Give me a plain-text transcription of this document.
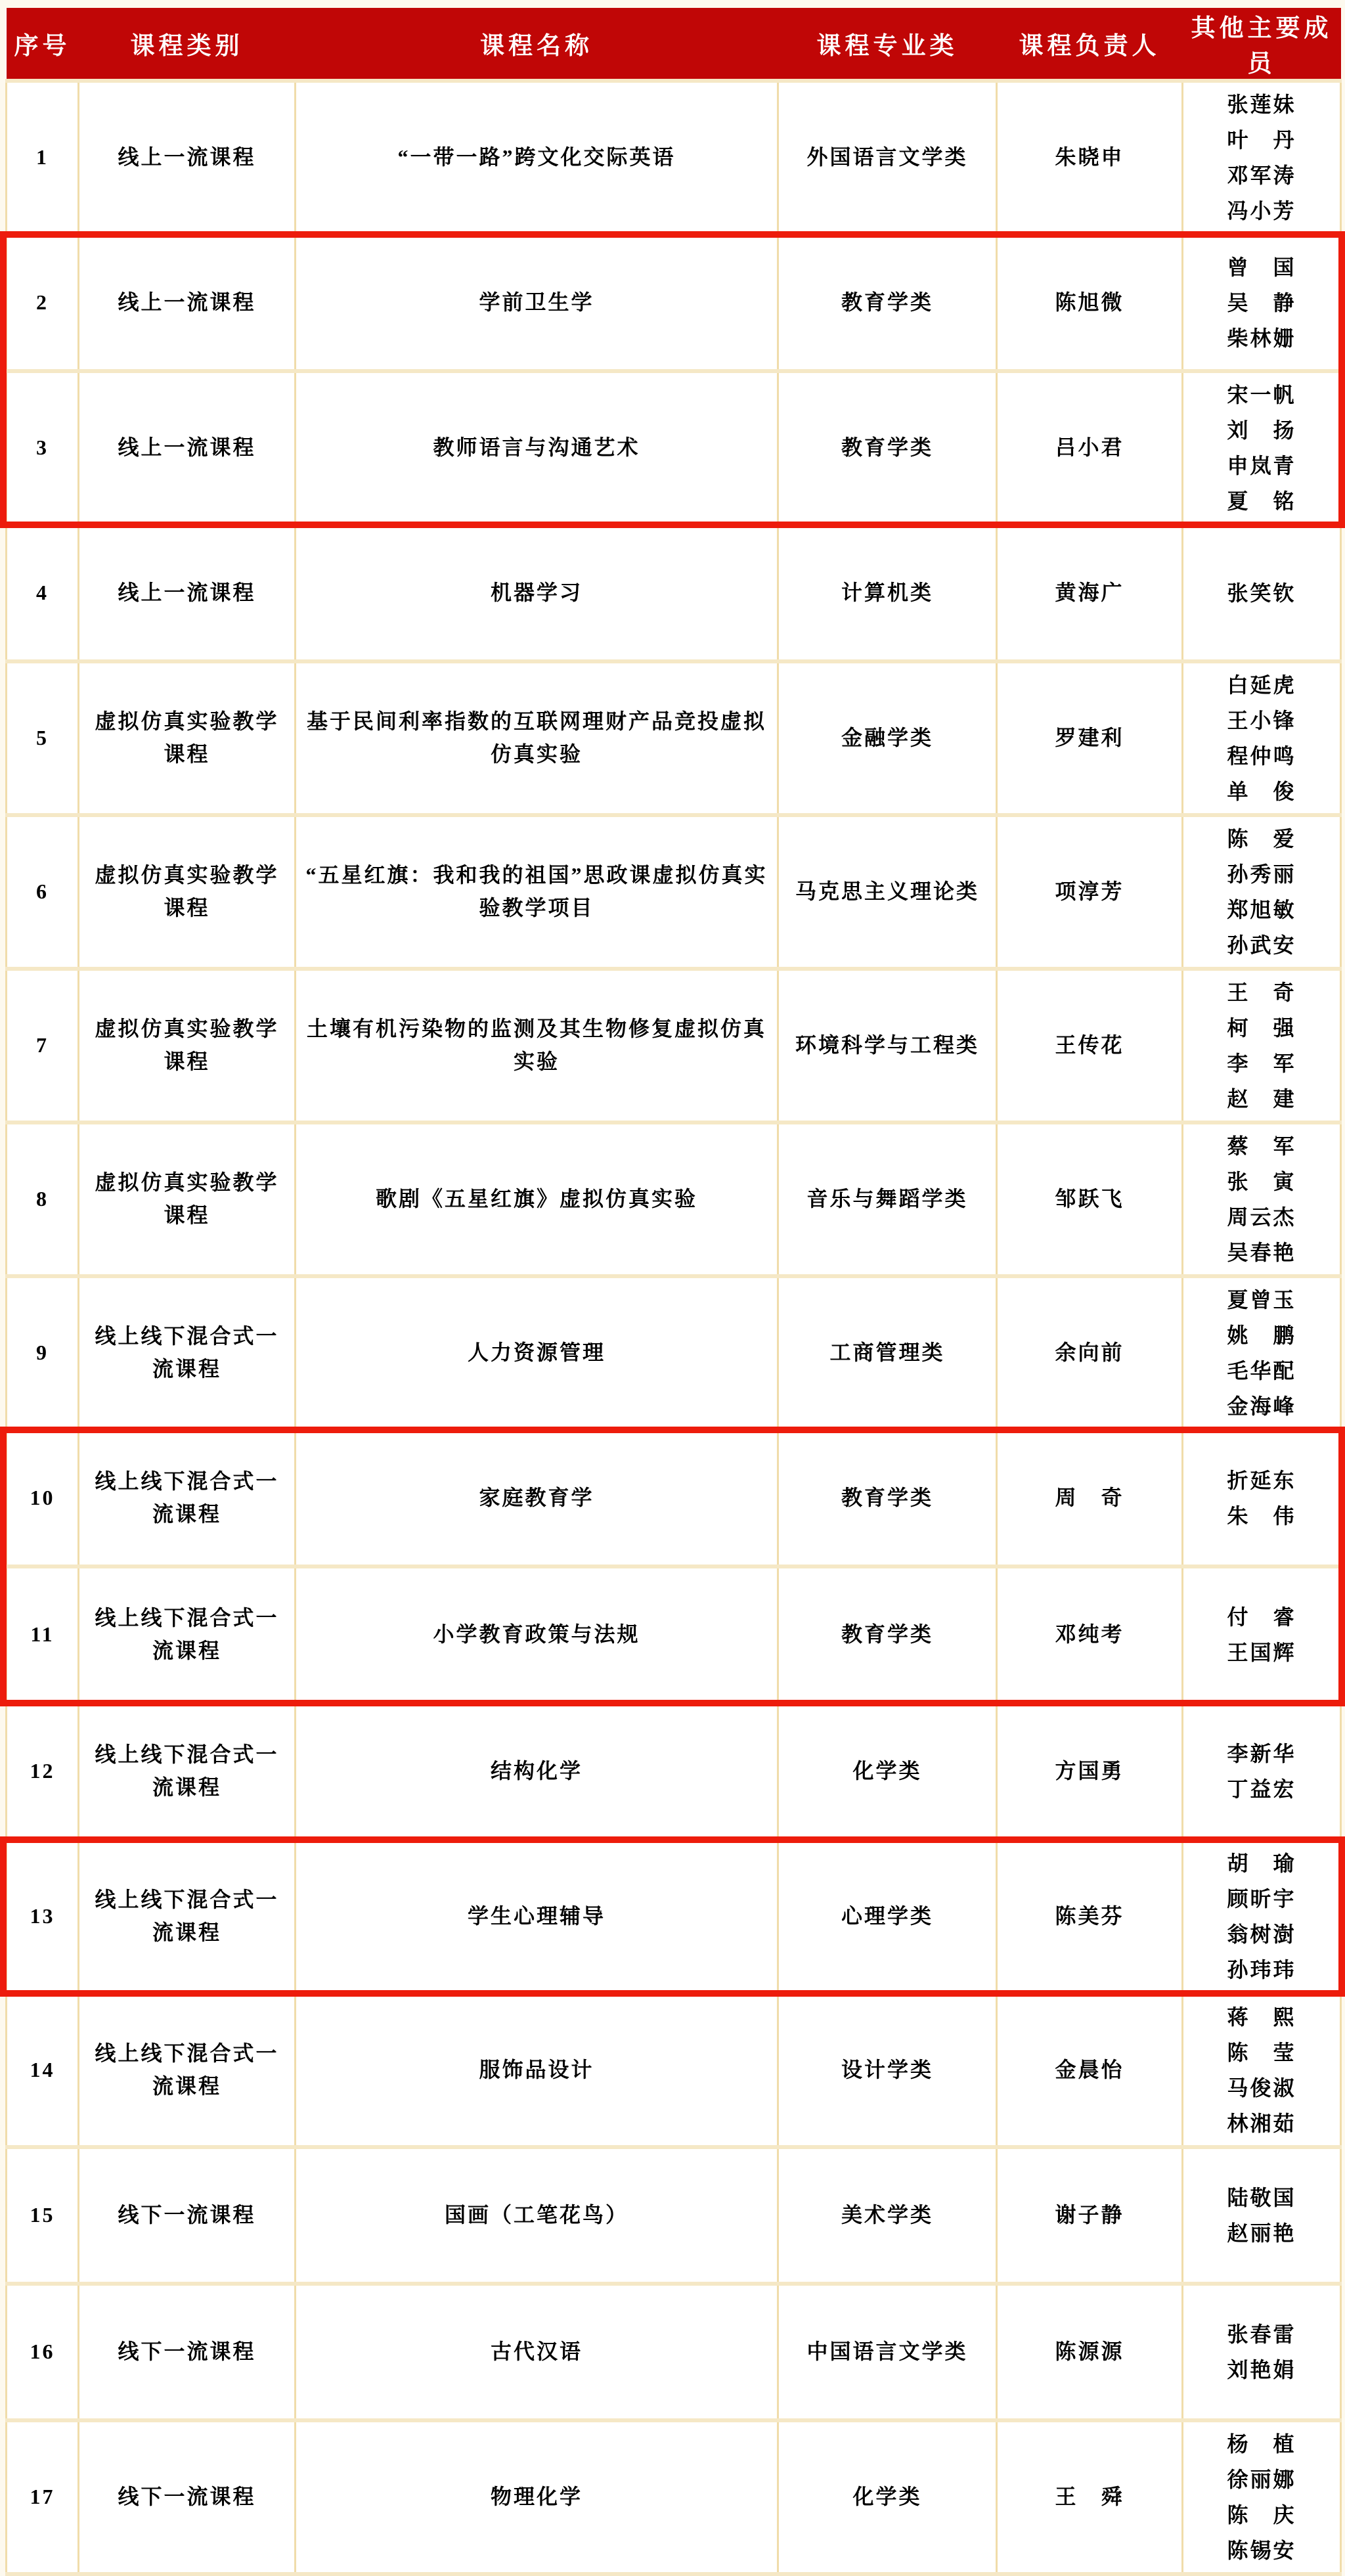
序号	课程类别	课程名称	课程专业类	课程负责人	其他主要成员
1	线上一流课程	“一带一路”跨文化交际英语	外国语言文学类	朱晓申	张莲妹
叶　丹
邓军涛
冯小芳

2	线上一流课程	学前卫生学	教育学类	陈旭微	曾　国
吴　静
柴林姗

3	线上一流课程	教师语言与沟通艺术	教育学类	吕小君	宋一帆
刘　扬
申岚青
夏　铭

4	线上一流课程	机器学习	计算机类	黄海广	张笑钦

5	虚拟仿真实验教学课程	基于民间利率指数的互联网理财产品竞投虚拟仿真实验	金融学类	罗建利	白延虎
王小锋
程仲鸣
单　俊

6	虚拟仿真实验教学课程	“五星红旗：我和我的祖国”思政课虚拟仿真实验教学项目	马克思主义理论类	项淳芳	陈　爱
孙秀丽
郑旭敏
孙武安

7	虚拟仿真实验教学课程	土壤有机污染物的监测及其生物修复虚拟仿真实验	环境科学与工程类	王传花	王　奇
柯　强
李　军
赵　建

8	虚拟仿真实验教学课程	歌剧《五星红旗》虚拟仿真实验	音乐与舞蹈学类	邹跃飞	蔡　军
张　寅
周云杰
吴春艳

9	线上线下混合式一流课程	人力资源管理	工商管理类	余向前	夏曾玉
姚　鹏
毛华配
金海峰

10	线上线下混合式一流课程	家庭教育学	教育学类	周　奇	折延东
朱　伟

11	线上线下混合式一流课程	小学教育政策与法规	教育学类	邓纯考	付　睿
王国辉

12	线上线下混合式一流课程	结构化学	化学类	方国勇	李新华
丁益宏

13	线上线下混合式一流课程	学生心理辅导	心理学类	陈美芬	胡　瑜
顾昕宇
翁树澍
孙玮玮

14	线上线下混合式一流课程	服饰品设计	设计学类	金晨怡	蒋　熙
陈　莹
马俊淑
林湘茹

15	线下一流课程	国画（工笔花鸟）	美术学类	谢子静	陆敬国
赵丽艳

16	线下一流课程	古代汉语	中国语言文学类	陈源源	张春雷
刘艳娟

17	线下一流课程	物理化学	化学类	王　舜	杨　植
徐丽娜
陈　庆
陈锡安
